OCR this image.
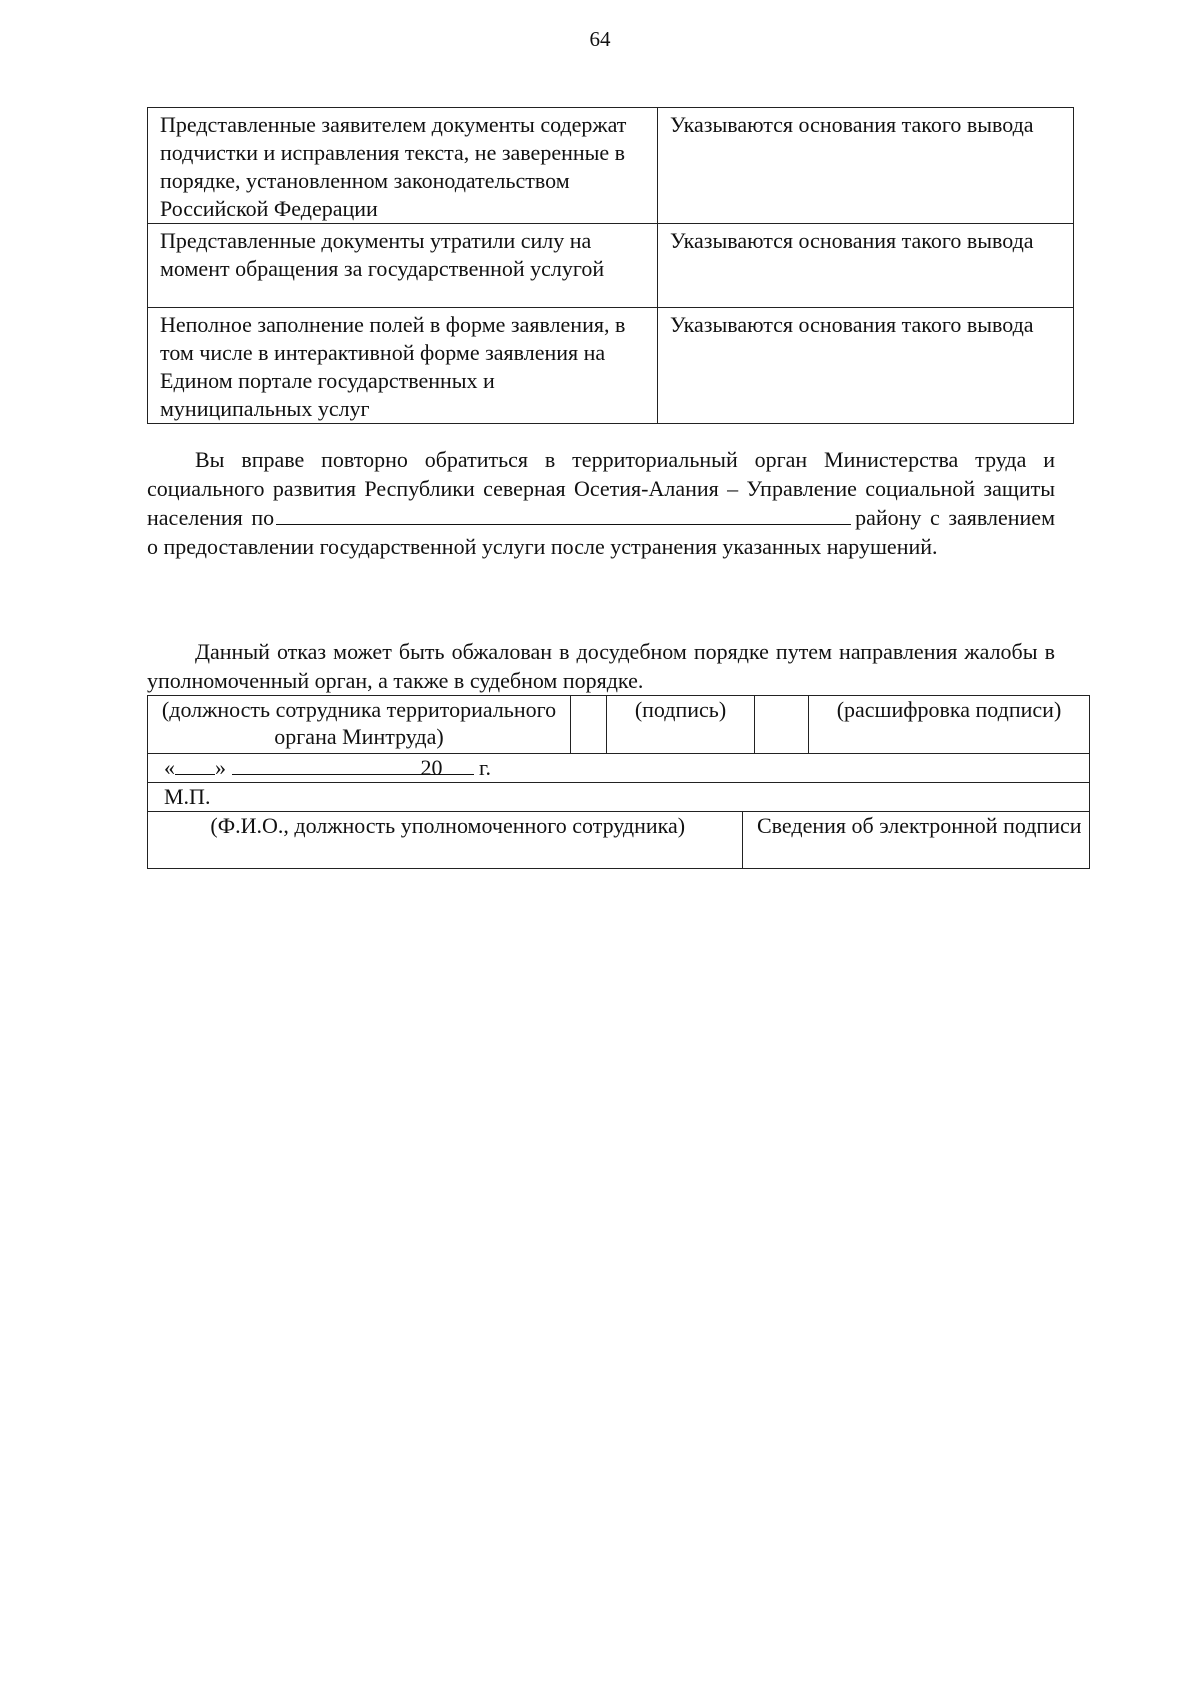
64
Представленные заявителем документы содержат подчистки и исправления текста, не заверенные в порядке, установленном законодательством Российской Федерации	Указываются основания такого вывода
Представленные документы утратили силу на момент обращения за государственной услугой	Указываются основания такого вывода
Неполное заполнение полей в форме заявления, в том числе в интерактивной форме заявления на Едином портале государственных и муниципальных услуг	Указываются основания такого вывода

Вы вправе повторно обратиться в территориальный орган Министерства труда и социального развития Республики северная Осетия-Алания – Управление социальной защиты населения по	району с заявлением о предоставлении государственной услуги после устранения указанных нарушений.

Данный отказ может быть обжалован в досудебном порядке путем направления жалобы в уполномоченный орган, а также в судебном порядке.

(должность сотрудника территориального органа Минтруда)		(подпись)		(расшифровка подписи)
« »	20 г.
М.П.

(Ф.И.О., должность уполномоченного сотрудника)	Сведения об электронной подписи
